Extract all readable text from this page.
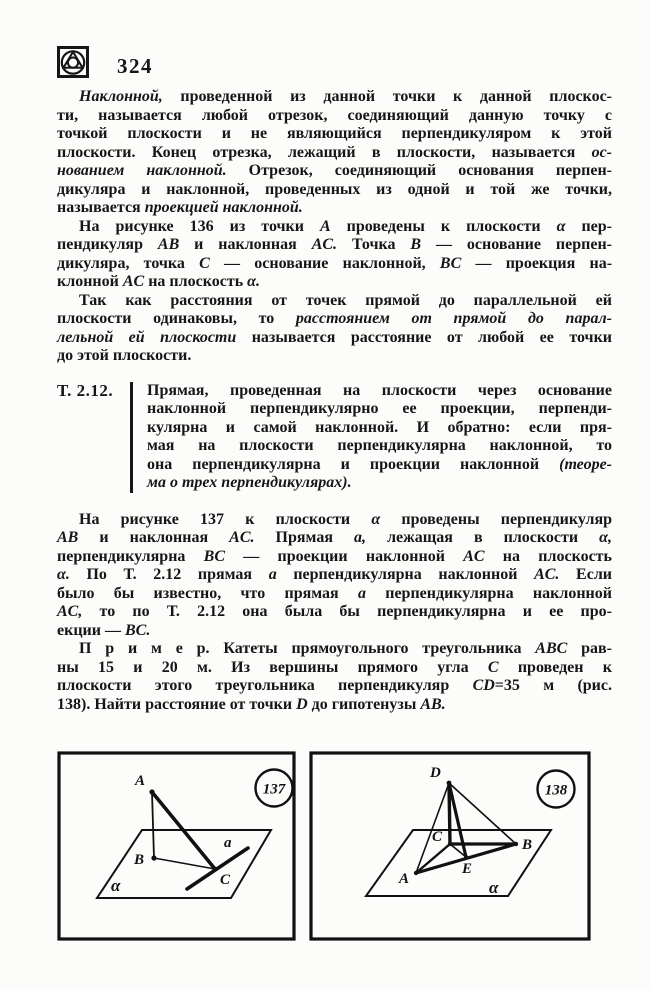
324
Наклонной, проведенной из данной точки к данной плоскос-
ти, называется любой отрезок, соединяющий данную точку с
точкой плоскости и не являющийся перпендикуляром к этой
плоскости. Конец отрезка, лежащий в плоскости, называется ос-
нованием наклонной. Отрезок, соединяющий основания перпен-
дикуляра и наклонной, проведенных из одной и той же точки,
называется проекцией наклонной.
На рисунке 136 из точки A проведены к плоскости α пер-
пендикуляр AB и наклонная AC. Точка B — основание перпен-
дикуляра, точка C — основание наклонной, BC — проекция на-
клонной AC на плоскость α.
Так как расстояния от точек прямой до параллельной ей
плоскости одинаковы, то расстоянием от прямой до парал-
лельной ей плоскости называется расстояние от любой ее точки
до этой плоскости.
Т. 2.12.	Прямая, проведенная на плоскости через основание
наклонной перпендикулярно ее проекции, перпенди-
кулярна и самой наклонной. И обратно: если пря-
мая на плоскости перпендикулярна наклонной, то
она перпендикулярна и проекции наклонной (теоре-
ма о трех перпендикулярах).
На рисунке 137 к плоскости α проведены перпендикуляр
AB и наклонная AC. Прямая a, лежащая в плоскости α,
перпендикулярна BC — проекции наклонной AC на плоскость
α. По Т. 2.12 прямая a перпендикулярна наклонной AC. Если
было бы известно, что прямая a перпендикулярна наклонной
AC, то по Т. 2.12 она была бы перпендикулярна и ее про-
екции — BC.
П р и м е р. Катеты прямоугольного треугольника ABC рав-
ны 15 и 20 м. Из вершины прямого угла C проведен к
плоскости этого треугольника перпендикуляр CD=35 м (рис.
138). Найти расстояние от точки D до гипотенузы AB.
A
B
C
a
α
137
D
C	B
A
E
α
138
